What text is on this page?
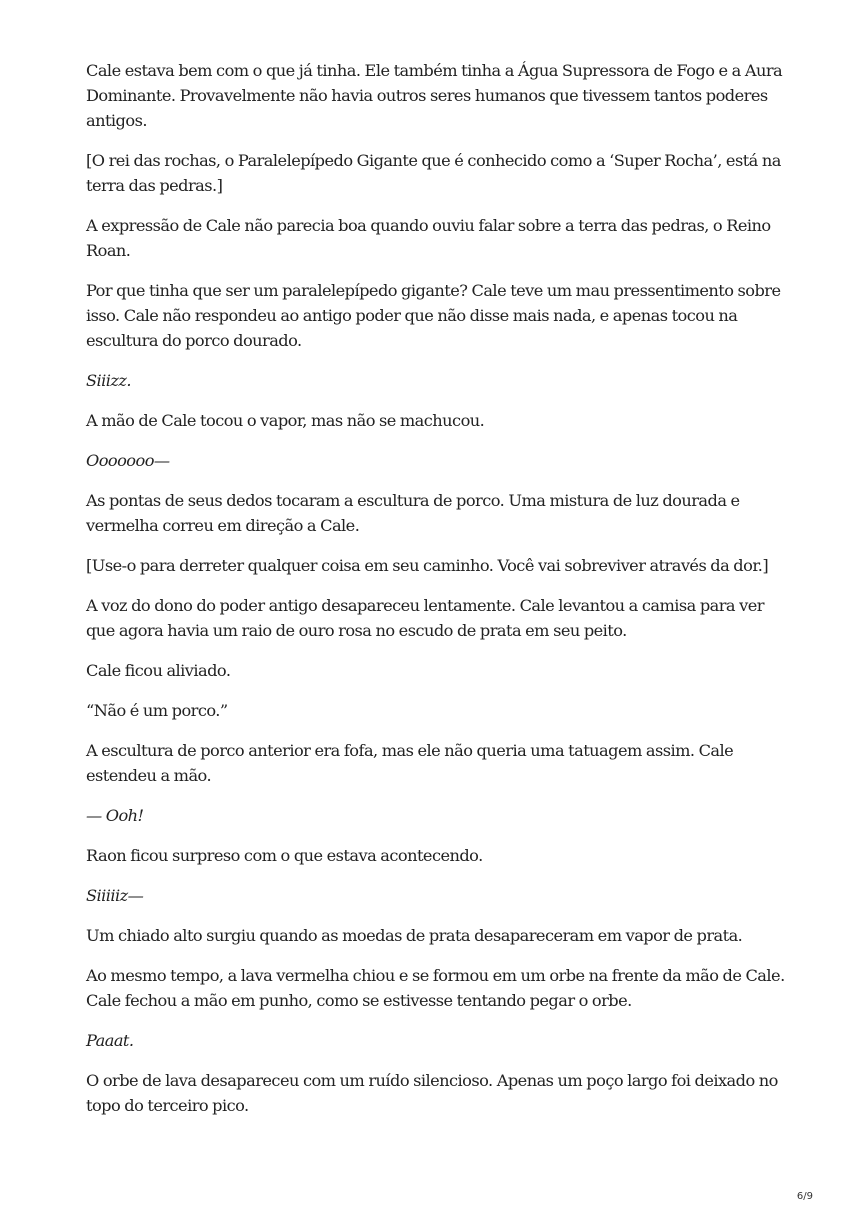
Cale estava bem com o que já tinha. Ele também tinha a Água Supressora de Fogo e a Aura Dominante. Provavelmente não havia outros seres humanos que tivessem tantos poderes antigos.

[O rei das rochas, o Paralelepípedo Gigante que é conhecido como a ‘Super Rocha’, está na terra das pedras.]

A expressão de Cale não parecia boa quando ouviu falar sobre a terra das pedras, o Reino Roan.

Por que tinha que ser um paralelepípedo gigante? Cale teve um mau pressentimento sobre isso. Cale não respondeu ao antigo poder que não disse mais nada, e apenas tocou na escultura do porco dourado.

Siiizz.

A mão de Cale tocou o vapor, mas não se machucou.

Ooooooo—

As pontas de seus dedos tocaram a escultura de porco. Uma mistura de luz dourada e vermelha correu em direção a Cale.

[Use-o para derreter qualquer coisa em seu caminho. Você vai sobreviver através da dor.]

A voz do dono do poder antigo desapareceu lentamente. Cale levantou a camisa para ver que agora havia um raio de ouro rosa no escudo de prata em seu peito.

Cale ficou aliviado.

“Não é um porco.”

A escultura de porco anterior era fofa, mas ele não queria uma tatuagem assim. Cale estendeu a mão.

— Ooh!

Raon ficou surpreso com o que estava acontecendo.

Siiiiiz—

Um chiado alto surgiu quando as moedas de prata desapareceram em vapor de prata.

Ao mesmo tempo, a lava vermelha chiou e se formou em um orbe na frente da mão de Cale. Cale fechou a mão em punho, como se estivesse tentando pegar o orbe.

Paaat.

O orbe de lava desapareceu com um ruído silencioso. Apenas um poço largo foi deixado no topo do terceiro pico.

6/9
